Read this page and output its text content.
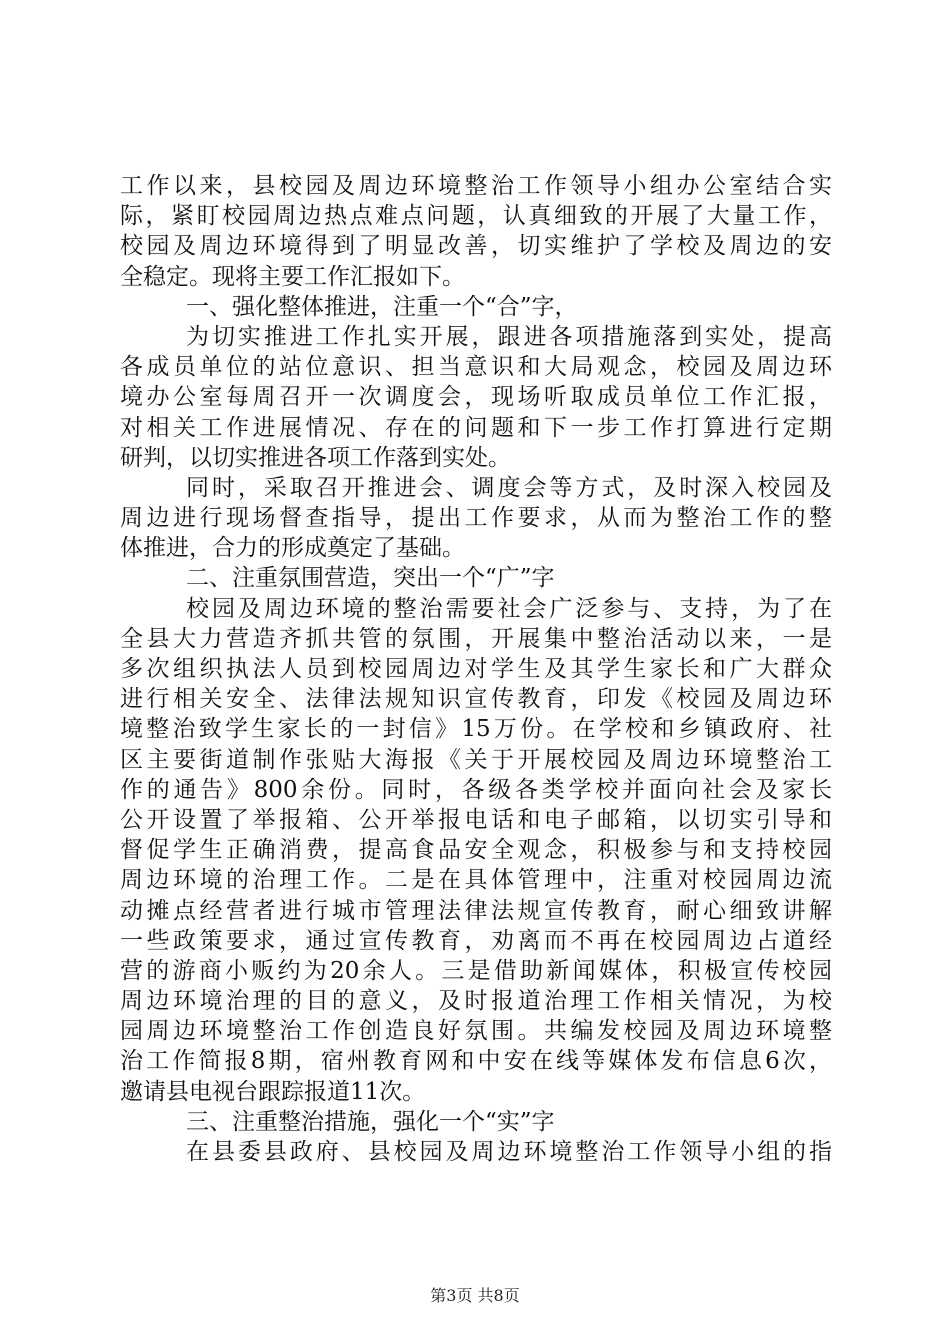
工作以来，县校园及周边环境整治工作领导小组办公室结合实
际，紧盯校园周边热点难点问题，认真细致的开展了大量工作，
校园及周边环境得到了明显改善，切实维护了学校及周边的安
全稳定。现将主要工作汇报如下。
一、强化整体推进，注重一个“合”字，
为切实推进工作扎实开展，跟进各项措施落到实处，提高
各成员单位的站位意识、担当意识和大局观念，校园及周边环
境办公室每周召开一次调度会，现场听取成员单位工作汇报，
对相关工作进展情况、存在的问题和下一步工作打算进行定期
研判，以切实推进各项工作落到实处。
同时，采取召开推进会、调度会等方式，及时深入校园及
周边进行现场督查指导，提出工作要求，从而为整治工作的整
体推进，合力的形成奠定了基础。
二、注重氛围营造，突出一个“广”字
校园及周边环境的整治需要社会广泛参与、支持，为了在
全县大力营造齐抓共管的氛围，开展集中整治活动以来，一是
多次组织执法人员到校园周边对学生及其学生家长和广大群众
进行相关安全、法律法规知识宣传教育，印发《校园及周边环
境整治致学生家长的一封信》15万份。在学校和乡镇政府、社
区主要街道制作张贴大海报《关于开展校园及周边环境整治工
作的通告》800余份。同时，各级各类学校并面向社会及家长
公开设置了举报箱、公开举报电话和电子邮箱，以切实引导和
督促学生正确消费，提高食品安全观念，积极参与和支持校园
周边环境的治理工作。二是在具体管理中，注重对校园周边流
动摊点经营者进行城市管理法律法规宣传教育，耐心细致讲解
一些政策要求，通过宣传教育，劝离而不再在校园周边占道经
营的游商小贩约为20余人。三是借助新闻媒体，积极宣传校园
周边环境治理的目的意义，及时报道治理工作相关情况，为校
园周边环境整治工作创造良好氛围。共编发校园及周边环境整
治工作简报8期，宿州教育网和中安在线等媒体发布信息6次，
邀请县电视台跟踪报道11次。
三、注重整治措施，强化一个“实”字
在县委县政府、县校园及周边环境整治工作领导小组的指
第3页 共8页
